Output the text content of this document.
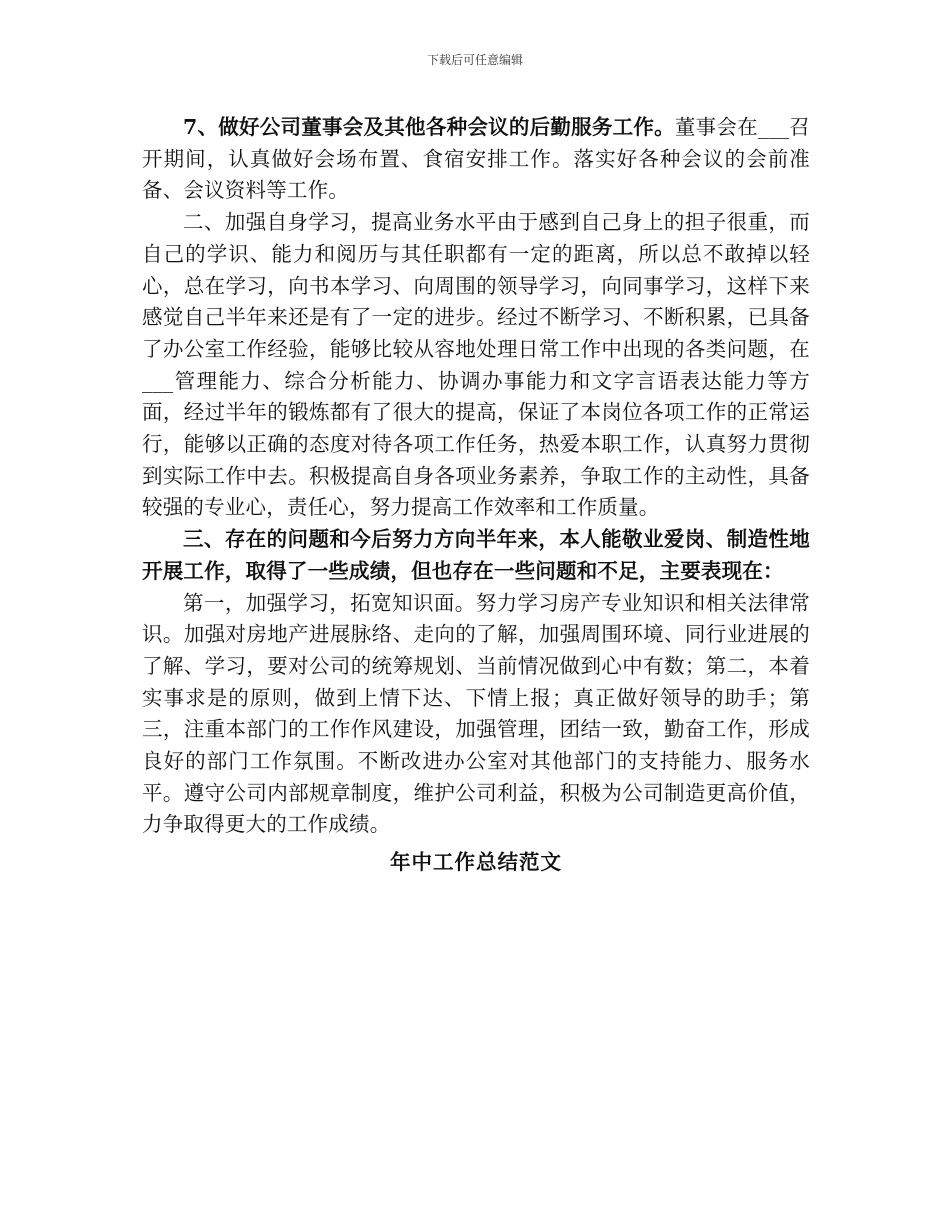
下载后可任意编辑

7、做好公司董事会及其他各种会议的后勤服务工作。董事会在___召开期间，认真做好会场布置、食宿安排工作。落实好各种会议的会前准备、会议资料等工作。

二、加强自身学习，提高业务水平由于感到自己身上的担子很重，而自己的学识、能力和阅历与其任职都有一定的距离，所以总不敢掉以轻心，总在学习，向书本学习、向周围的领导学习，向同事学习，这样下来感觉自己半年来还是有了一定的进步。经过不断学习、不断积累，已具备了办公室工作经验，能够比较从容地处理日常工作中出现的各类问题，在___管理能力、综合分析能力、协调办事能力和文字言语表达能力等方面，经过半年的锻炼都有了很大的提高，保证了本岗位各项工作的正常运行，能够以正确的态度对待各项工作任务，热爱本职工作，认真努力贯彻到实际工作中去。积极提高自身各项业务素养，争取工作的主动性，具备较强的专业心，责任心，努力提高工作效率和工作质量。

三、存在的问题和今后努力方向半年来，本人能敬业爱岗、制造性地开展工作，取得了一些成绩，但也存在一些问题和不足，主要表现在：

第一，加强学习，拓宽知识面。努力学习房产专业知识和相关法律常识。加强对房地产进展脉络、走向的了解，加强周围环境、同行业进展的了解、学习，要对公司的统筹规划、当前情况做到心中有数；第二，本着实事求是的原则，做到上情下达、下情上报；真正做好领导的助手；第三，注重本部门的工作作风建设，加强管理，团结一致，勤奋工作，形成良好的部门工作氛围。不断改进办公室对其他部门的支持能力、服务水平。遵守公司内部规章制度，维护公司利益，积极为公司制造更高价值，力争取得更大的工作成绩。

年中工作总结范文
